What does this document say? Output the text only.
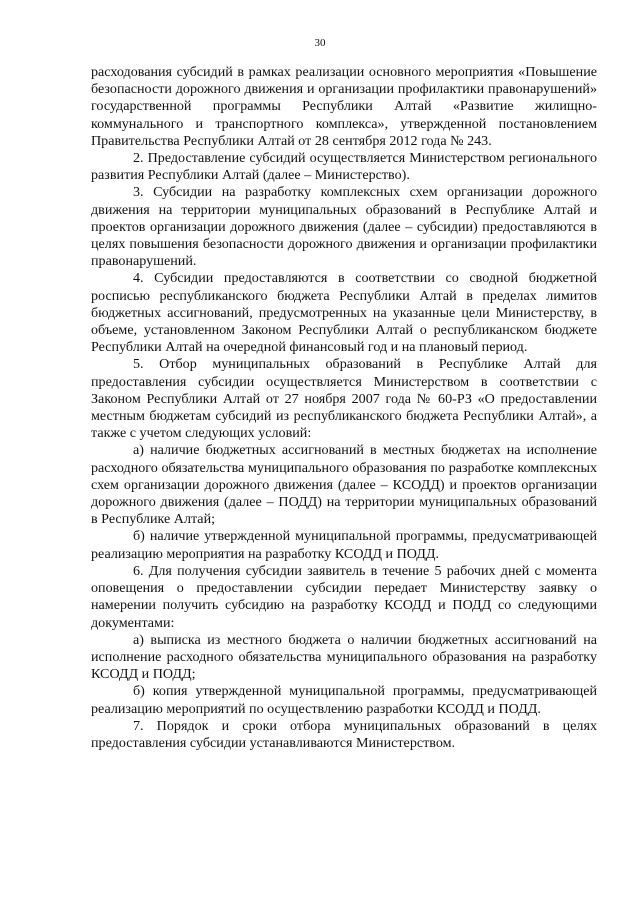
30

расходования субсидий в рамках реализации основного мероприятия «Повышение безопасности дорожного движения и организации профилактики правонарушений» государственной программы Республики Алтай «Развитие жилищно-коммунального и транспортного комплекса», утвержденной постановлением Правительства Республики Алтай от 28 сентября 2012 года № 243.

2. Предоставление субсидий осуществляется Министерством регионального развития Республики Алтай (далее – Министерство).

3. Субсидии на разработку комплексных схем организации дорожного движения на территории муниципальных образований в Республике Алтай и проектов организации дорожного движения (далее – субсидии) предоставляются в целях повышения безопасности дорожного движения и организации профилактики правонарушений.

4. Субсидии предоставляются в соответствии со сводной бюджетной росписью республиканского бюджета Республики Алтай в пределах лимитов бюджетных ассигнований, предусмотренных на указанные цели Министерству, в объеме, установленном Законом Республики Алтай о республиканском бюджете Республики Алтай на очередной финансовый год и на плановый период.

5. Отбор муниципальных образований в Республике Алтай для предоставления субсидии осуществляется Министерством в соответствии с Законом Республики Алтай от 27 ноября 2007 года № 60-РЗ «О предоставлении местным бюджетам субсидий из республиканского бюджета Республики Алтай», а также с учетом следующих условий:

а) наличие бюджетных ассигнований в местных бюджетах на исполнение расходного обязательства муниципального образования по разработке комплексных схем организации дорожного движения (далее – КСОДД) и проектов организации дорожного движения (далее – ПОДД) на территории муниципальных образований в Республике Алтай;

б) наличие утвержденной муниципальной программы, предусматривающей реализацию мероприятия на разработку КСОДД и ПОДД.

6. Для получения субсидии заявитель в течение 5 рабочих дней с момента оповещения о предоставлении субсидии передает Министерству заявку о намерении получить субсидию на разработку КСОДД и ПОДД со следующими документами:

а) выписка из местного бюджета о наличии бюджетных ассигнований на исполнение расходного обязательства муниципального образования на разработку КСОДД и ПОДД;

б) копия утвержденной муниципальной программы, предусматривающей реализацию мероприятий по осуществлению разработки КСОДД и ПОДД.

7. Порядок и сроки отбора муниципальных образований в целях предоставления субсидии устанавливаются Министерством.
